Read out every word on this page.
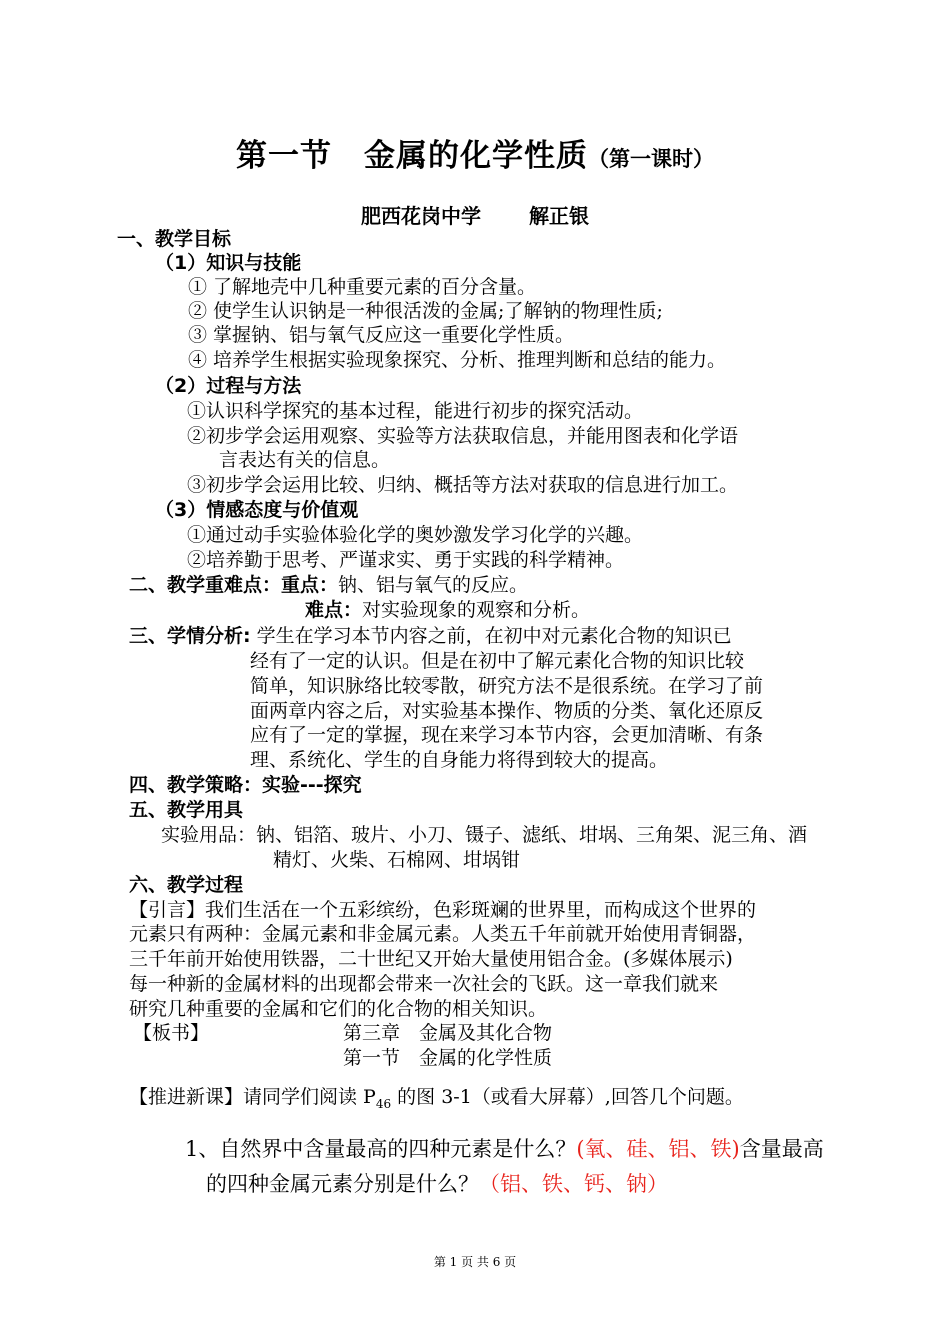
第一节　金属的化学性质（第一课时）
肥西花岗中学 解正银
一、教学目标
（1）知识与技能
① 了解地壳中几种重要元素的百分含量。
② 使学生认识钠是一种很活泼的金属;了解钠的物理性质;
③ 掌握钠、铝与氧气反应这一重要化学性质。
④ 培养学生根据实验现象探究、分析、推理判断和总结的能力。
（2）过程与方法
①认识科学探究的基本过程，能进行初步的探究活动。
②初步学会运用观察、实验等方法获取信息，并能用图表和化学语
言表达有关的信息。
③初步学会运用比较、归纳、概括等方法对获取的信息进行加工。
（3）情感态度与价值观
①通过动手实验体验化学的奥妙激发学习化学的兴趣。
②培养勤于思考、严谨求实、勇于实践的科学精神。
二、教学重难点：重点：钠、铝与氧气的反应。
难点：对实验现象的观察和分析。
三、学情分析: 学生在学习本节内容之前，在初中对元素化合物的知识已
经有了一定的认识。但是在初中了解元素化合物的知识比较
简单，知识脉络比较零散，研究方法不是很系统。在学习了前
面两章内容之后，对实验基本操作、物质的分类、氧化还原反
应有了一定的掌握，现在来学习本节内容，会更加清晰、有条
理、系统化、学生的自身能力将得到较大的提高。
四、教学策略：实验---探究
五、教学用具
实验用品：钠、铝箔、玻片、小刀、镊子、滤纸、坩埚、三角架、泥三角、酒
精灯、火柴、石棉网、坩埚钳
六、教学过程
【引言】我们生活在一个五彩缤纷，色彩斑斓的世界里，而构成这个世界的
元素只有两种：金属元素和非金属元素。人类五千年前就开始使用青铜器，
三千年前开始使用铁器，二十世纪又开始大量使用铝合金。(多媒体展示)
每一种新的金属材料的出现都会带来一次社会的飞跃。这一章我们就来
研究几种重要的金属和它们的化合物的相关知识。
【板书】	第三章　金属及其化合物
第一节　金属的化学性质
【推进新课】请同学们阅读 $P_{46}$ 的图 3-1（或看大屏幕）,回答几个问题。
1、自然界中含量最高的四种元素是什么？(氧、硅、铝、铁)含量最高
的四种金属元素分别是什么？（铝、铁、钙、钠）
第 1 页 共 6 页
